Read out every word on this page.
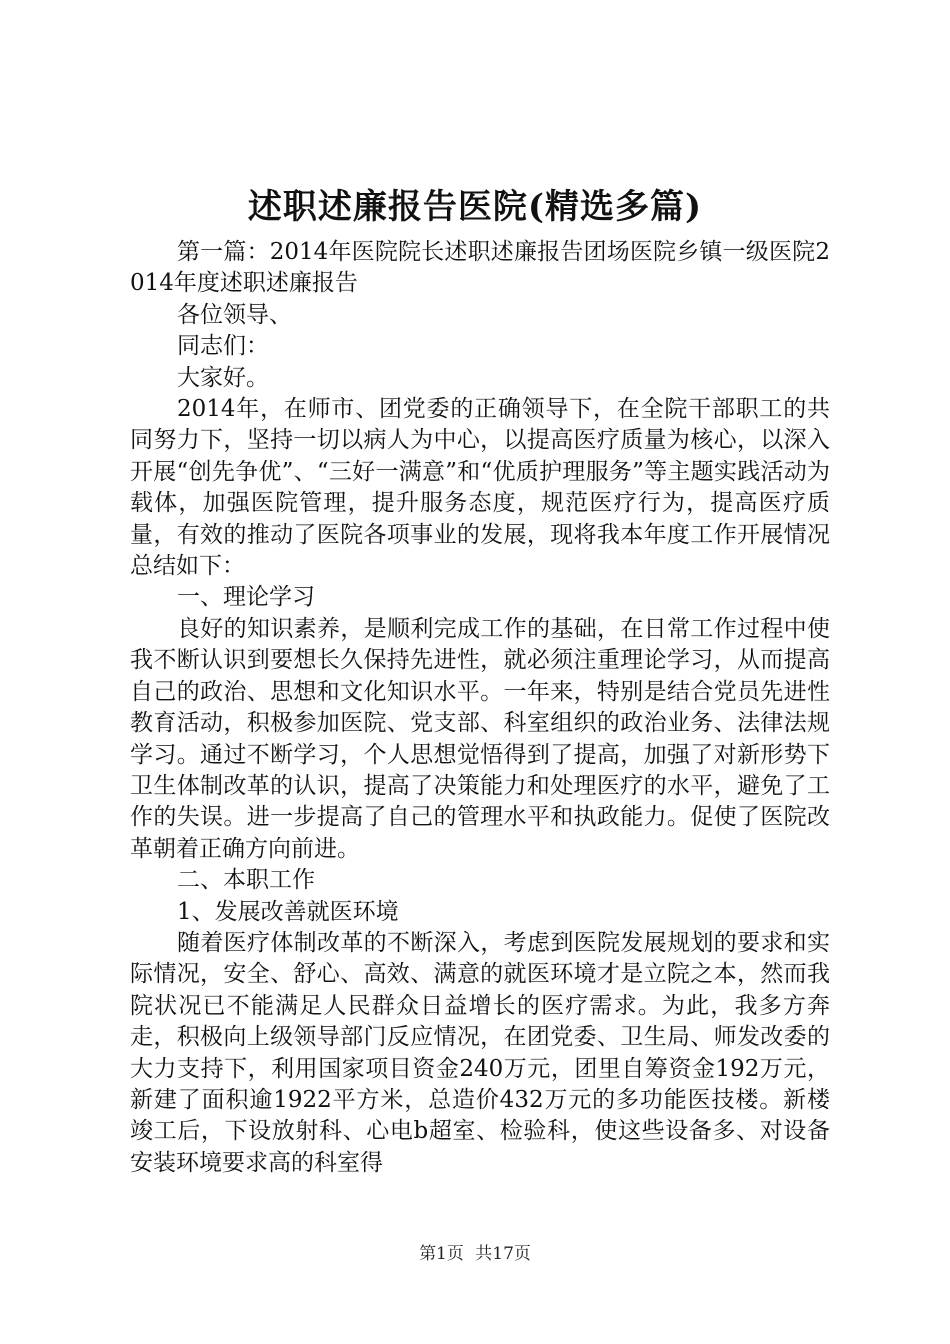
述职述廉报告医院(精选多篇)

第一篇：2014年医院院长述职述廉报告团场医院乡镇一级医院2014年度述职述廉报告

各位领导、

同志们：

大家好。

2014年，在师市、团党委的正确领导下，在全院干部职工的共同努力下，坚持一切以病人为中心，以提高医疗质量为核心，以深入开展“创先争优”、“三好一满意”和“优质护理服务”等主题实践活动为载体，加强医院管理，提升服务态度，规范医疗行为，提高医疗质量，有效的推动了医院各项事业的发展，现将我本年度工作开展情况总结如下：

一、理论学习

良好的知识素养，是顺利完成工作的基础，在日常工作过程中使我不断认识到要想长久保持先进性，就必须注重理论学习，从而提高自己的政治、思想和文化知识水平。一年来，特别是结合党员先进性教育活动，积极参加医院、党支部、科室组织的政治业务、法律法规学习。通过不断学习，个人思想觉悟得到了提高，加强了对新形势下卫生体制改革的认识，提高了决策能力和处理医疗的水平，避免了工作的失误。进一步提高了自己的管理水平和执政能力。促使了医院改革朝着正确方向前进。

二、本职工作

1、发展改善就医环境

随着医疗体制改革的不断深入，考虑到医院发展规划的要求和实际情况，安全、舒心、高效、满意的就医环境才是立院之本，然而我院状况已不能满足人民群众日益增长的医疗需求。为此，我多方奔走，积极向上级领导部门反应情况，在团党委、卫生局、师发改委的大力支持下，利用国家项目资金240万元，团里自筹资金192万元，新建了面积逾1922平方米，总造价432万元的多功能医技楼。新楼竣工后，下设放射科、心电b超室、检验科，使这些设备多、对设备安装环境要求高的科室得

第1页 共17页
